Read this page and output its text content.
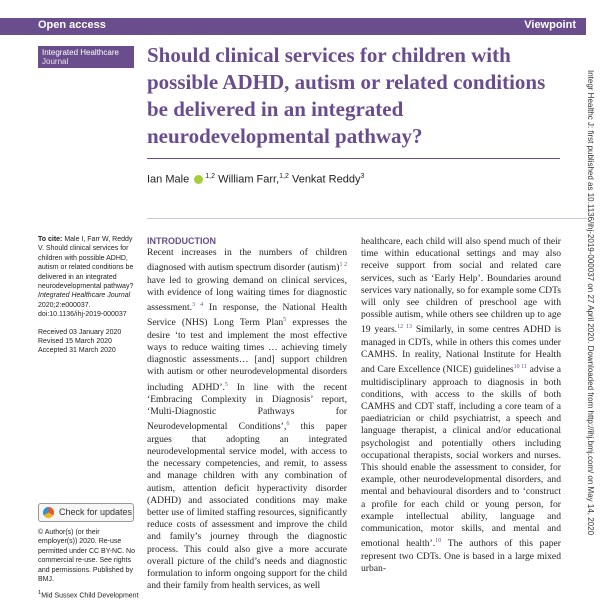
Open access	Viewpoint
Integrated Healthcare
Journal	Should clinical services for children with possible ADHD, autism or related conditions be delivered in an integrated neurodevelopmental pathway?
Ian Male $^{1,2}$ William Farr,$^{1,2}$ Venkat Reddy$^3$
To cite: Male I, Farr W, Reddy V. Should clinical services for children with possible ADHD, autism or related conditions be delivered in an integrated neurodevelopmental pathway? Integrated Healthcare Journal 2020;2:e000037. doi:10.1136/ihj-2019-000037
Received 03 January 2020
Revised 15 March 2020
Accepted 31 March 2020
Check for updates
© Author(s) (or their employer(s)) 2020. Re-use permitted under CC BY-NC. No commercial re-use. See rights and permissions. Published by BMJ.
$^1$Mid Sussex Child Development
INTRODUCTION

Recent increases in the numbers of children diagnosed with autism spectrum disorder (autism)$^{1 2}$ have led to growing demand on clinical services, with evidence of long waiting times for diagnostic assessment.$^{3 4}$ In response, the National Health Service (NHS) Long Term Plan$^5$ expresses the desire ‘to test and implement the most effective ways to reduce waiting times … achieving timely diagnostic assessments… [and] support children with autism or other neurodevelopmental disorders including ADHD’.$^5$ In line with the recent ‘Embracing Complexity in Diagnosis’ report, ‘Multi-Diagnostic Pathways for Neurodevelopmental Conditions’,$^6$ this paper argues that adopting an integrated neurodevelopmental service model, with access to the necessary competencies, and remit, to assess and manage children with any combination of autism, attention deficit hyperactivity disorder (ADHD) and associated conditions may make better use of limited staffing resources, significantly reduce costs of assessment and improve the child and family’s journey through the diagnostic process. This could also give a more accurate overall picture of the child’s needs and diagnostic formulation to inform ongoing support for the child and their family from health services, as well

healthcare, each child will also spend much of their time within educational settings and may also receive support from social and related care services, such as ‘Early Help’. Boundaries around services vary nationally, so for example some CDTs will only see children of preschool age with possible autism, while others see children up to age 19 years.$^{12 13}$ Similarly, in some centres ADHD is managed in CDTs, while in others this comes under CAMHS. In reality, National Institute for Health and Care Excellence (NICE) guidelines$^{10 11}$ advise a multidisciplinary approach to diagnosis in both conditions, with access to the skills of both CAMHS and CDT staff, including a core team of a paediatrician or child psychiatrist, a speech and language therapist, a clinical and/or educational psychologist and potentially others including occupational therapists, social workers and nurses. This should enable the assessment to consider, for example, other neurodevelopmental disorders, and mental and behavioural disorders and to ‘construct a profile for each child or young person, for example intellectual ability, language and communication, motor skills, and mental and emotional health’.$^{10}$ The authors of this paper represent two CDTs. One is based in a large mixed urban-

Integr Healthc J: first published as 10.1136/ihj-2019-000037 on 27 April 2020. Downloaded from http://ihj.bmj.com/ on May 14, 2020
